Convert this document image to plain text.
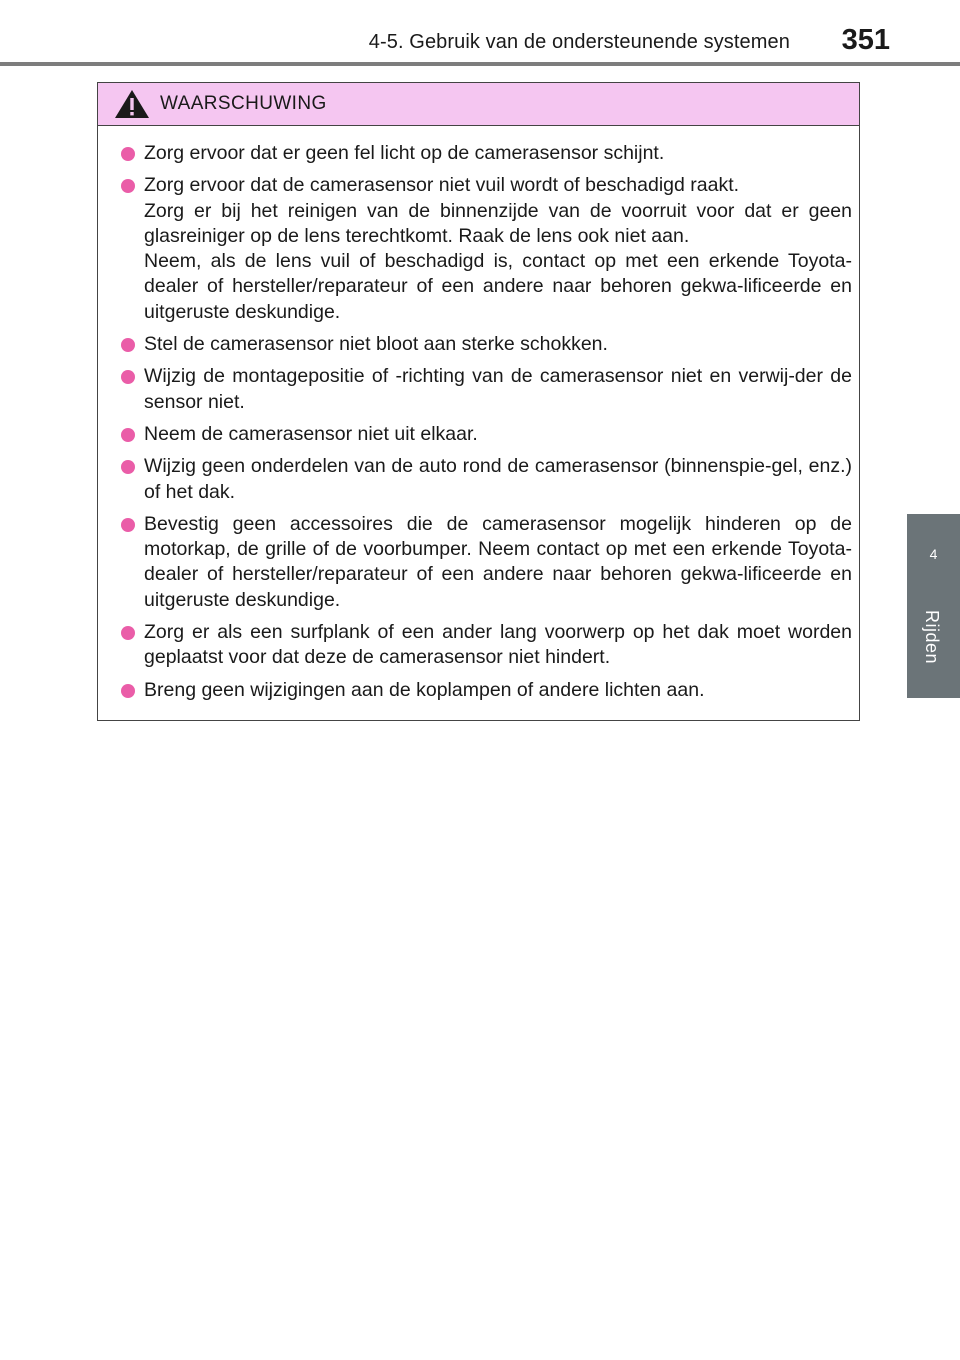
4-5. Gebruik van de ondersteunende systemen 351
4
Rijden
WAARSCHUWING
Zorg ervoor dat er geen fel licht op de camerasensor schijnt.
Zorg ervoor dat de camerasensor niet vuil wordt of beschadigd raakt.
Zorg er bij het reinigen van de binnenzijde van de voorruit voor dat er geen glasreiniger op de lens terechtkomt. Raak de lens ook niet aan.
Neem, als de lens vuil of beschadigd is, contact op met een erkende Toyota-dealer of hersteller/reparateur of een andere naar behoren gekwa-lificeerde en uitgeruste deskundige.
Stel de camerasensor niet bloot aan sterke schokken.
Wijzig de montagepositie of -richting van de camerasensor niet en verwij-der de sensor niet.
Neem de camerasensor niet uit elkaar.
Wijzig geen onderdelen van de auto rond de camerasensor (binnenspie-gel, enz.) of het dak.
Bevestig geen accessoires die de camerasensor mogelijk hinderen op de motorkap, de grille of de voorbumper. Neem contact op met een erkende Toyota-dealer of hersteller/reparateur of een andere naar behoren gekwa-lificeerde en uitgeruste deskundige.
Zorg er als een surfplank of een ander lang voorwerp op het dak moet worden geplaatst voor dat deze de camerasensor niet hindert.
Breng geen wijzigingen aan de koplampen of andere lichten aan.
